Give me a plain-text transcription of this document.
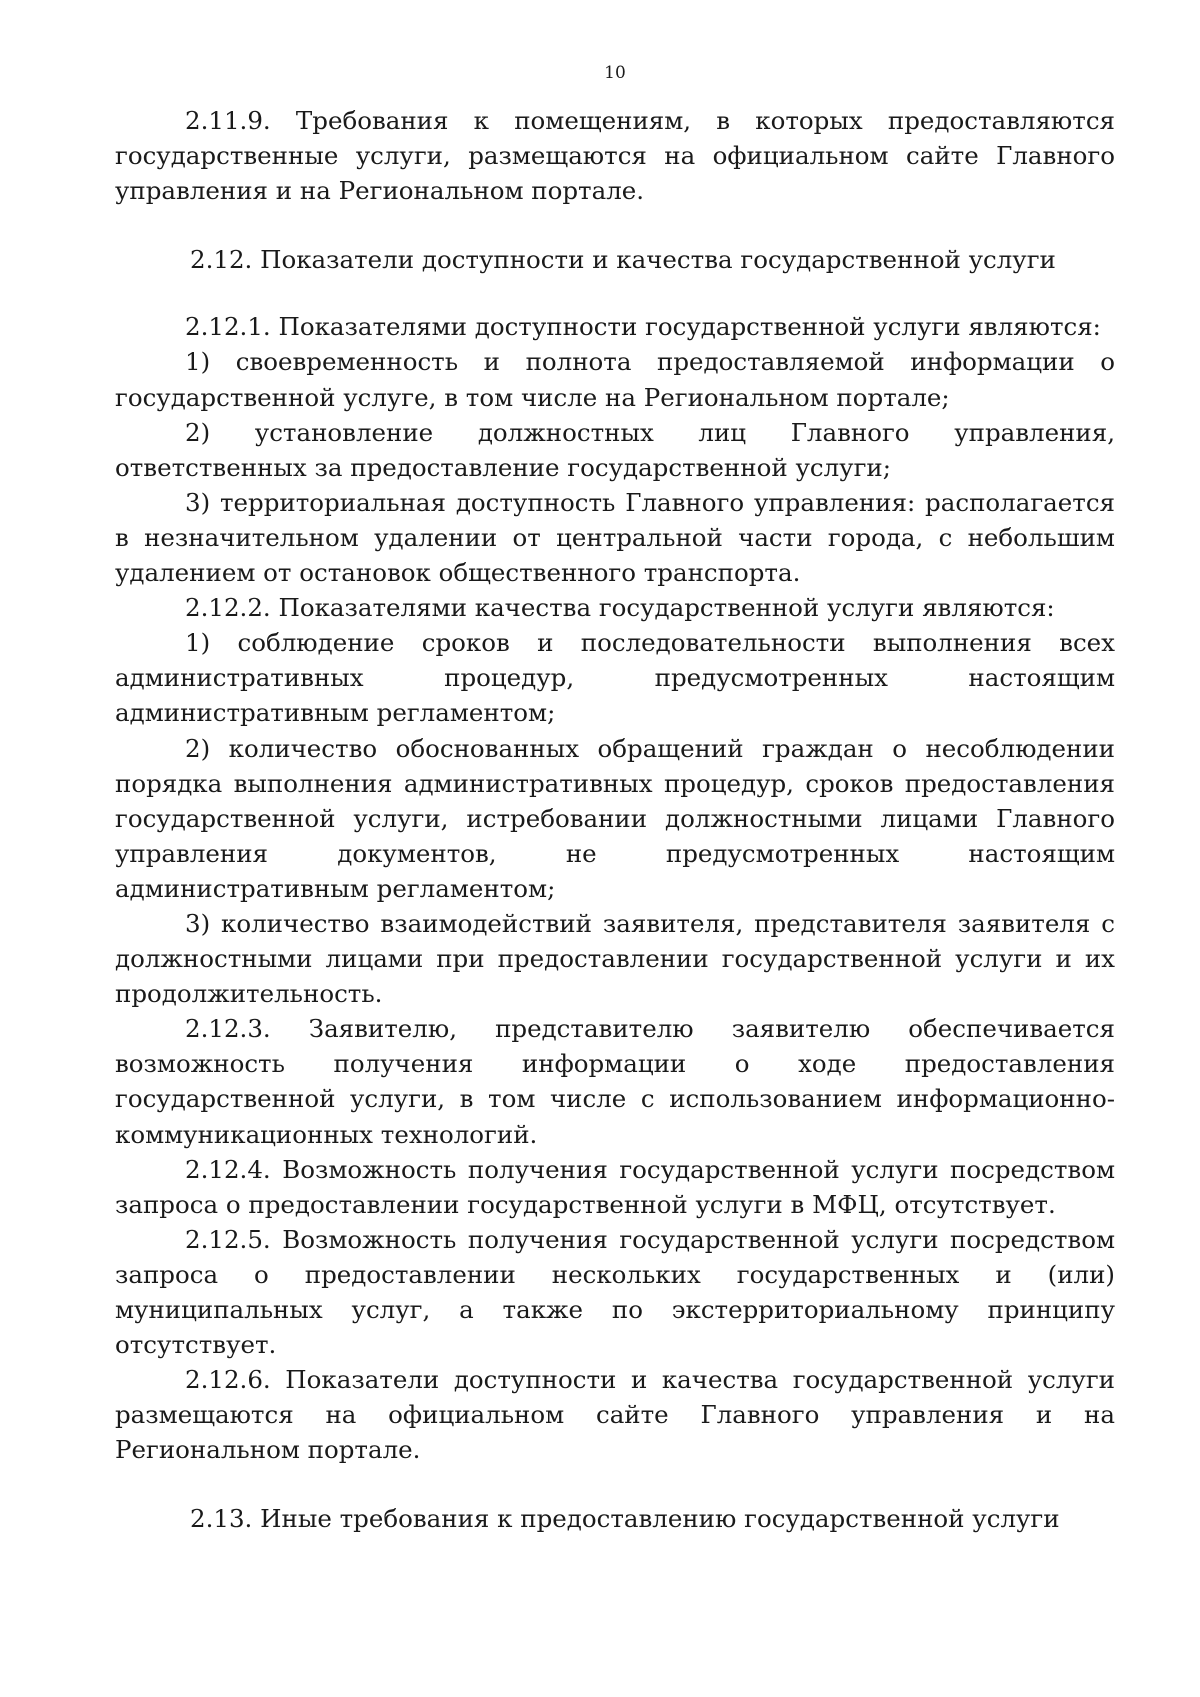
10

2.11.9. Требования к помещениям, в которых предоставляются государственные услуги, размещаются на официальном сайте Главного управления и на Региональном портале.

2.12. Показатели доступности и качества государственной услуги

2.12.1. Показателями доступности государственной услуги являются:

1) своевременность и полнота предоставляемой информации о государственной услуге, в том числе на Региональном портале;

2) установление должностных лиц Главного управления, ответственных за предоставление государственной услуги;

3) территориальная доступность Главного управления: располагается в незначительном удалении от центральной части города, с небольшим удалением от остановок общественного транспорта.

2.12.2. Показателями качества государственной услуги являются:

1) соблюдение сроков и последовательности выполнения всех административных процедур, предусмотренных настоящим административным регламентом;

2) количество обоснованных обращений граждан о несоблюдении порядка выполнения административных процедур, сроков предоставления государственной услуги, истребовании должностными лицами Главного управления документов, не предусмотренных настоящим административным регламентом;

3) количество взаимодействий заявителя, представителя заявителя с должностными лицами при предоставлении государственной услуги и их продолжительность.

2.12.3. Заявителю, представителю заявителю обеспечивается возможность получения информации о ходе предоставления государственной услуги, в том числе с использованием информационно-коммуникационных технологий.

2.12.4. Возможность получения государственной услуги посредством запроса о предоставлении государственной услуги в МФЦ, отсутствует.

2.12.5. Возможность получения государственной услуги посредством запроса о предоставлении нескольких государственных и (или) муниципальных услуг, а также по экстерриториальному принципу отсутствует.

2.12.6. Показатели доступности и качества государственной услуги размещаются на официальном сайте Главного управления и на Региональном портале.

2.13. Иные требования к предоставлению государственной услуги
